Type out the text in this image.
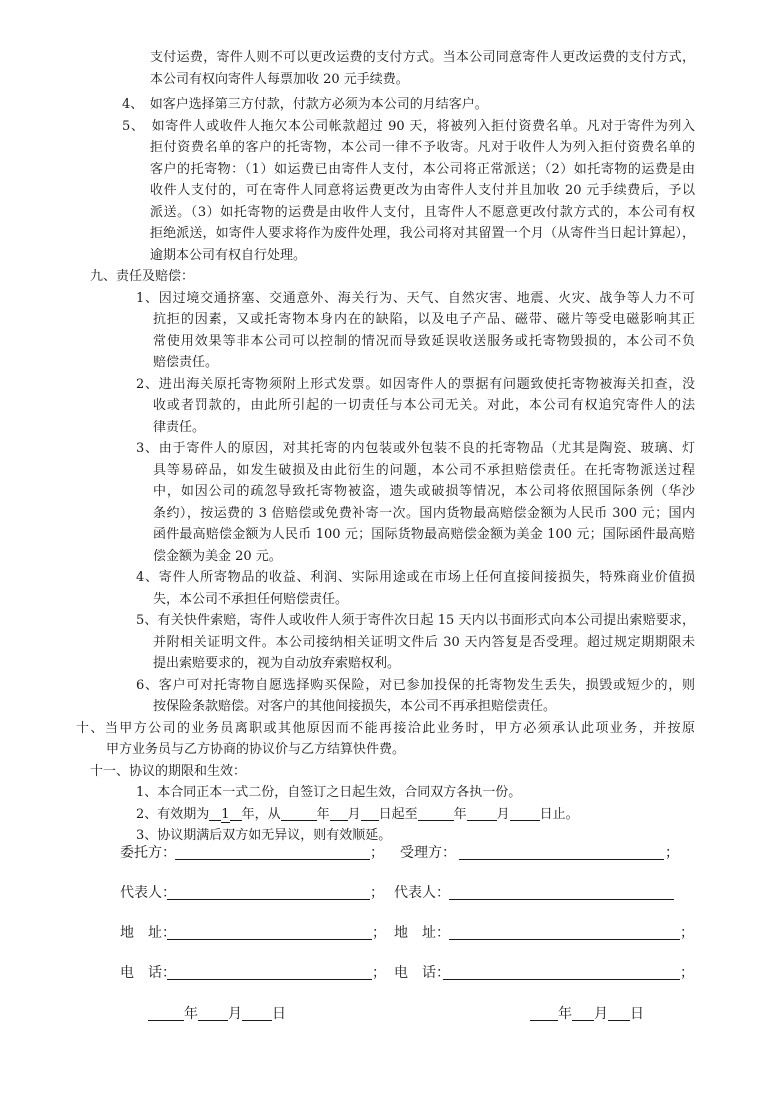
支付运费，寄件人则不可以更改运费的支付方式。当本公司同意寄件人更改运费的支付方式，
本公司有权向寄件人每票加收 20 元手续费。
4、　如客户选择第三方付款，付款方必须为本公司的月结客户。
5、　如寄件人或收件人拖欠本公司帐款超过 90 天，将被列入拒付资费名单。凡对于寄件为列入
拒付资费名单的客户的托寄物，本公司一律不予收寄。凡对于收件人为列入拒付资费名单的
客户的托寄物：（1）如运费已由寄件人支付，本公司将正常派送；（2）如托寄物的运费是由
收件人支付的，可在寄件人同意将运费更改为由寄件人支付并且加收 20 元手续费后，予以
派送。（3）如托寄物的运费是由收件人支付，且寄件人不愿意更改付款方式的，本公司有权
拒绝派送，如寄件人要求将作为废件处理，我公司将对其留置一个月（从寄件当日起计算起），
逾期本公司有权自行处理。
九、责任及赔偿：
1、因过境交通挤塞、交通意外、海关行为、天气、自然灾害、地震、火灾、战争等人力不可
抗拒的因素，又或托寄物本身内在的缺陷，以及电子产品、磁带、磁片等受电磁影响其正
常使用效果等非本公司可以控制的情况而导致延误收送服务或托寄物毁损的，本公司不负
赔偿责任。
2、进出海关原托寄物须附上形式发票。如因寄件人的票据有问题致使托寄物被海关扣查，没
收或者罚款的，由此所引起的一切责任与本公司无关。对此，本公司有权追究寄件人的法
律责任。
3、由于寄件人的原因，对其托寄的内包装或外包装不良的托寄物品（尤其是陶瓷、玻璃、灯
具等易碎品，如发生破损及由此衍生的问题，本公司不承担赔偿责任。在托寄物派送过程
中，如因公司的疏忽导致托寄物被盗，遗失或破损等情况，本公司将依照国际条例（华沙
条约），按运费的 3 倍赔偿或免费补寄一次。国内货物最高赔偿金额为人民币 300 元；国内
函件最高赔偿金额为人民币 100 元；国际货物最高赔偿金额为美金 100 元；国际函件最高赔
偿金额为美金 20 元。
4、寄件人所寄物品的收益、利润、实际用途或在市场上任何直接间接损失，特殊商业价值损
失，本公司不承担任何赔偿责任。
5、有关快件索赔，寄件人或收件人须于寄件次日起 15 天内以书面形式向本公司提出索赔要求，
并附相关证明文件。本公司接纳相关证明文件后 30 天内答复是否受理。超过规定期期限未
提出索赔要求的，视为自动放弃索赔权利。
6、客户可对托寄物自愿选择购买保险，对已参加投保的托寄物发生丢失，损毁或短少的，则
按保险条款赔偿。对客户的其他间接损失，本公司不再承担赔偿责任。
十、当甲方公司的业务员离职或其他原因而不能再接洽此业务时，甲方必须承认此项业务，并按原
甲方业务员与乙方协商的协议价与乙方结算快件费。
十一、协议的期限和生效：
1、本合同正本一式二份，自签订之日起生效，合同双方各执一份。
2、有效期为 1 年，从	年 月 日起至	年 月 日止。
3、协议期满后双方如无异议，则有效顺延。
委托方：	； 受理方：	；
代表人：	； 代表人：
地　址：	； 地　址：	；
电　话：	； 电　话：	；
年 月 日	年 月 日
